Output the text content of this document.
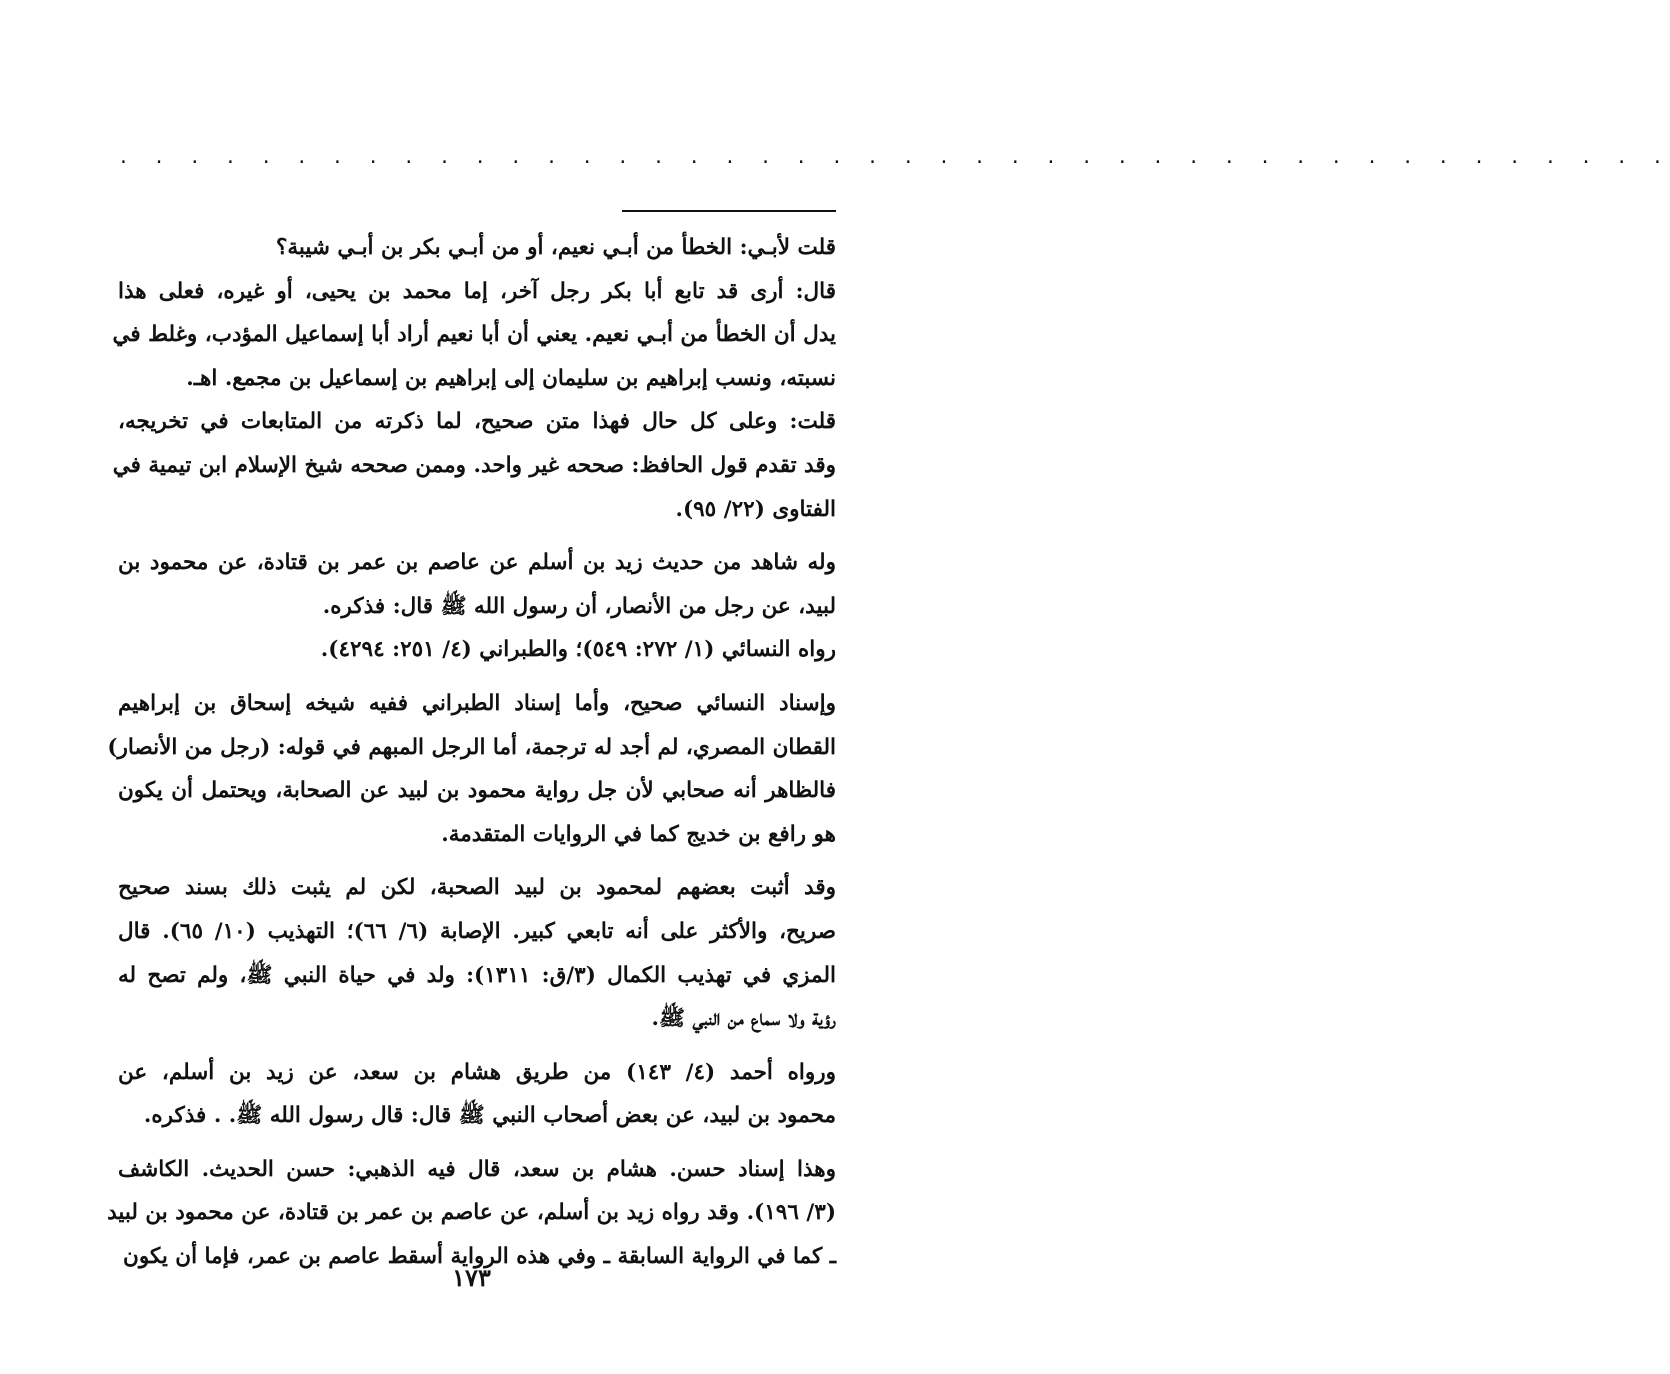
. . . . . . . . . . . . . . . . . . . . . . . . . . . . . . . . . . . . . . . . . . . .

قلت لأبـي: الخطأ من أبـي نعيم، أو من أبـي بكر بن أبـي شيبة؟

قال: أرى قد تابع أبا بكر رجل آخر، إما محمد بن يحيى، أو غيره، فعلى هذا
يدل أن الخطأ من أبـي نعيم. يعني أن أبا نعيم أراد أبا إسماعيل المؤدب، وغلط في
نسبته، ونسب إبراهيم بن سليمان إلى إبراهيم بن إسماعيل بن مجمع. اهـ.

قلت: وعلى كل حال فهذا متن صحيح، لما ذكرته من المتابعات في تخريجه،
وقد تقدم قول الحافظ: صححه غير واحد. وممن صححه شيخ الإسلام ابن تيمية في
الفتاوى (٢٢/ ٩٥).

وله شاهد من حديث زيد بن أسلم عن عاصم بن عمر بن قتادة، عن محمود بن
لبيد، عن رجل من الأنصار، أن رسول الله ﷺ قال: فذكره.

رواه النسائي (١/ ٢٧٢: ٥٤٩)؛ والطبراني (٤/ ٢٥١: ٤٢٩٤).

وإسناد النسائي صحيح، وأما إسناد الطبراني ففيه شيخه إسحاق بن إبراهيم
القطان المصري، لم أجد له ترجمة، أما الرجل المبهم في قوله: (رجل من الأنصار)
فالظاهر أنه صحابي لأن جل رواية محمود بن لبيد عن الصحابة، ويحتمل أن يكون
هو رافع بن خديج كما في الروايات المتقدمة.

وقد أثبت بعضهم لمحمود بن لبيد الصحبة، لكن لم يثبت ذلك بسند صحيح
صريح، والأكثر على أنه تابعي كبير. الإصابة (٦/ ٦٦)؛ التهذيب (١٠/ ٦٥). قال
المزي في تهذيب الكمال (٣/ق: ١٣١١): ولد في حياة النبي ﷺ، ولم تصح له
رؤية ولا سماع من النبي ﷺ.

ورواه أحمد (٤/ ١٤٣) من طريق هشام بن سعد، عن زيد بن أسلم، عن
محمود بن لبيد، عن بعض أصحاب النبي ﷺ قال: قال رسول الله ﷺ. . فذكره.

وهذا إسناد حسن. هشام بن سعد، قال فيه الذهبي: حسن الحديث. الكاشف
(٣/ ١٩٦). وقد رواه زيد بن أسلم، عن عاصم بن عمر بن قتادة، عن محمود بن لبيد
ـ كما في الرواية السابقة ـ وفي هذه الرواية أسقط عاصم بن عمر، فإما أن يكون

١٧٣
